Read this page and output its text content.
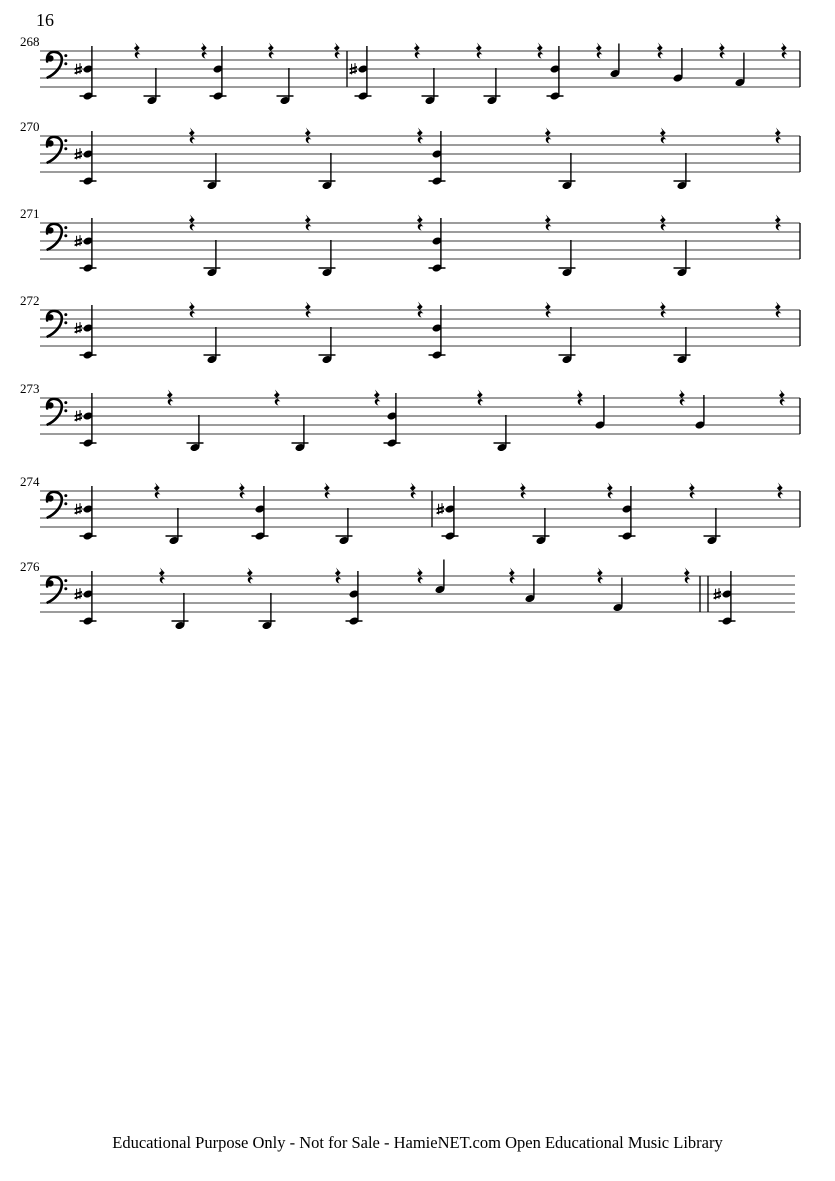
16
268
270
271
272
273
274
276
Educational Purpose Only - Not for Sale - HamieNET.com Open Educational Music Library
